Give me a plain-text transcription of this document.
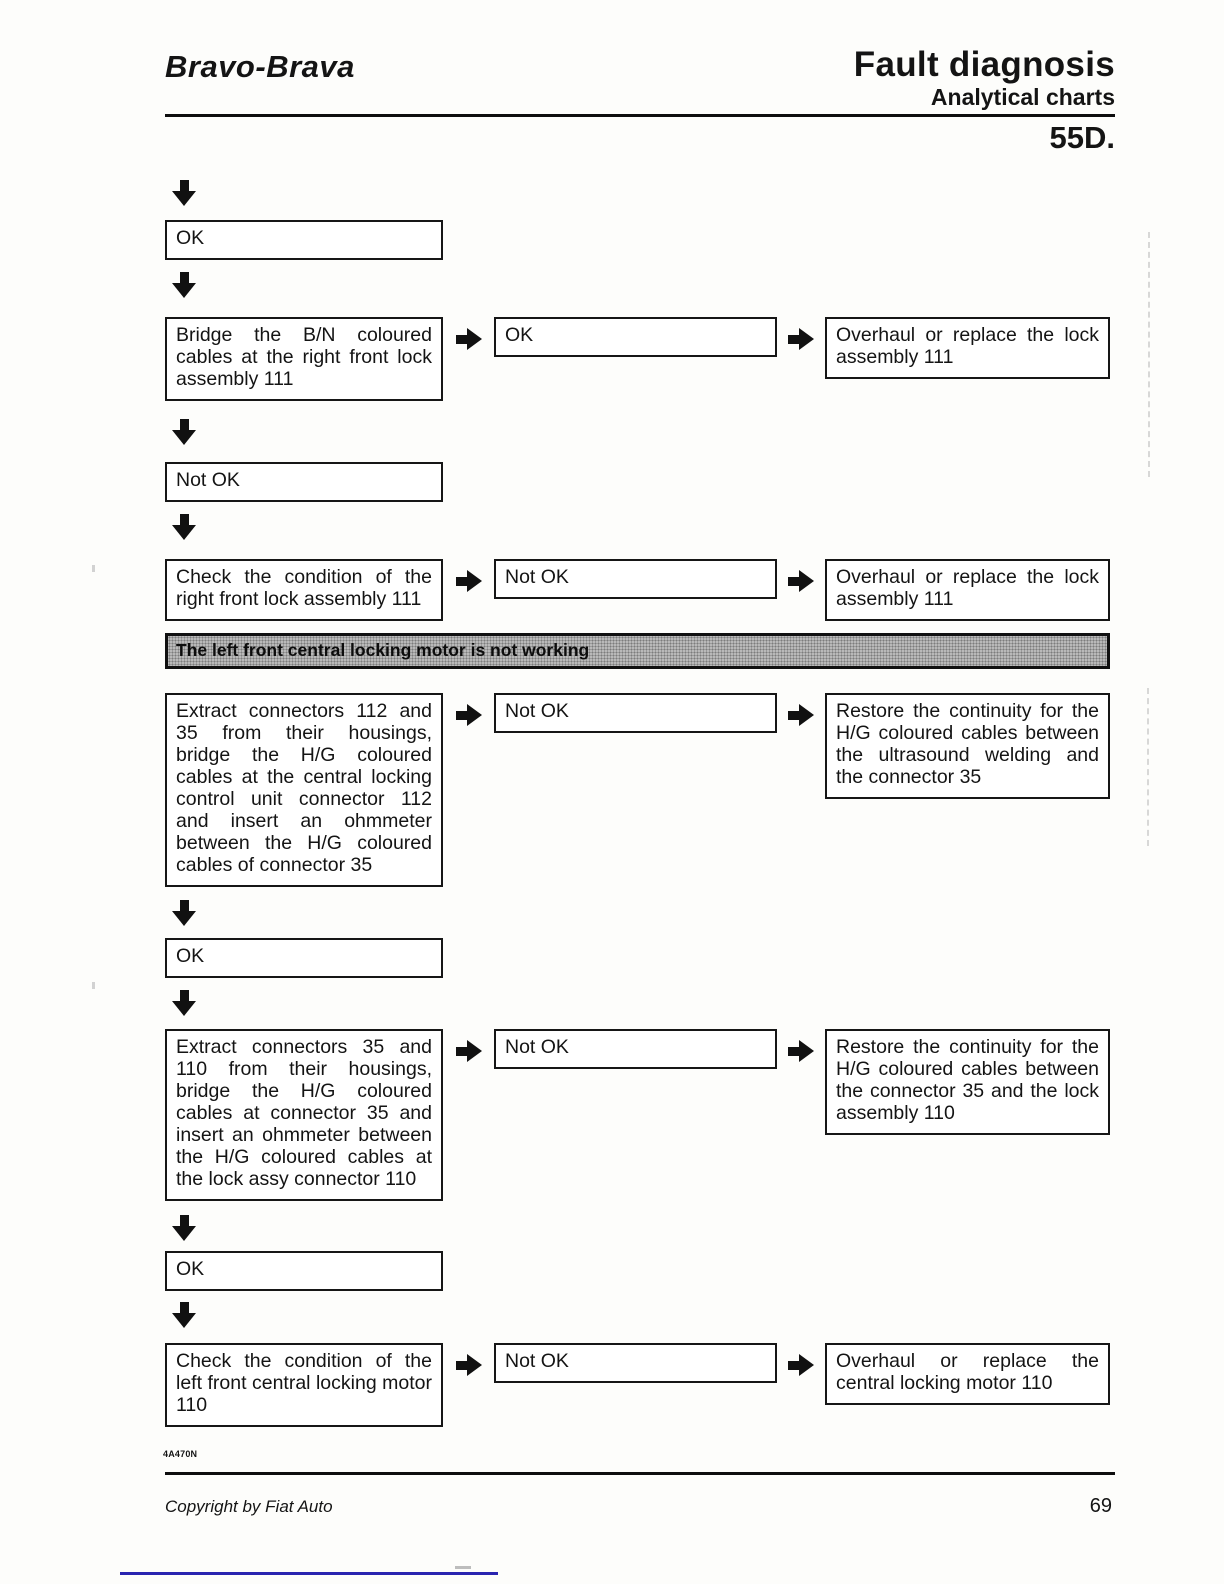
Bravo-Brava	Fault diagnosis
Analytical charts
55D.
OK
Bridge the B/N coloured cables at the right front lock assembly 111
OK	Overhaul or replace the lock assembly 111
Not OK
Check the condition of the right front lock assembly 111
Not OK	Overhaul or replace the lock assembly 111
The left front central locking motor is not working
Extract connectors 112 and 35 from their housings, bridge the H/G coloured cables at the central locking control unit connector 112 and insert an ohmmeter between the H/G coloured cables of connector 35
Not OK	Restore the continuity for the H/G coloured cables between the ultrasound welding and the connector 35
OK
Extract connectors 35 and 110 from their housings, bridge the H/G coloured cables at connector 35 and insert an ohmmeter between the H/G coloured cables at the lock assy connector 110
Not OK	Restore the continuity for the H/G coloured cables between the connector 35 and the lock assembly 110
OK
Check the condition of the left front central locking motor 110
Not OK	Overhaul or replace the central locking motor 110
4A470N
Copyright by Fiat Auto	69
